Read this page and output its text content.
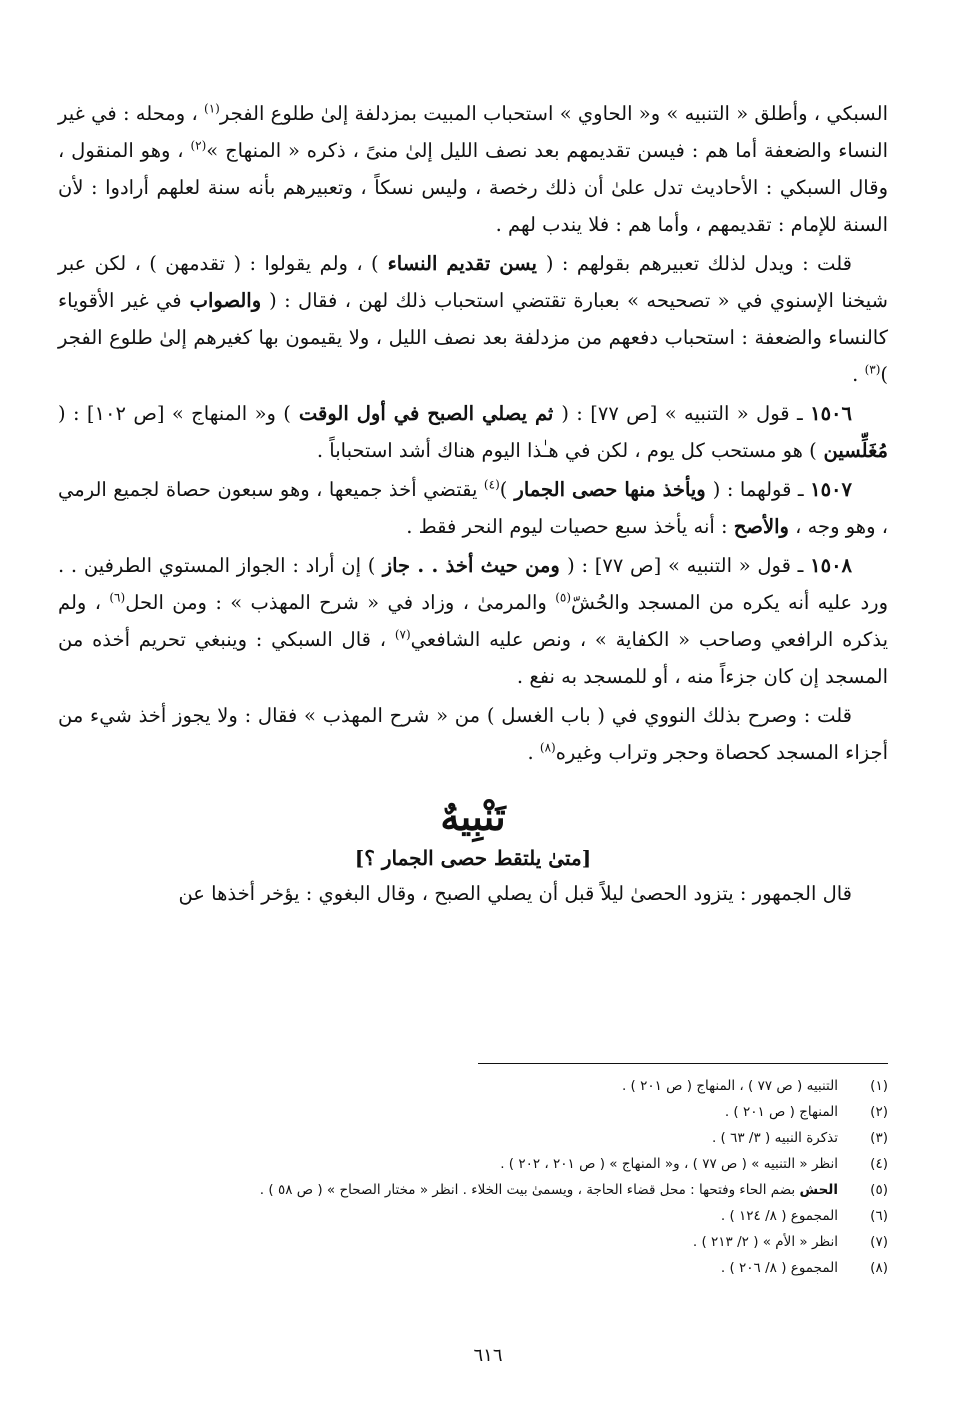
السبكي ، وأطلق « التنبيه » و« الحاوي » استحباب المبيت بمزدلفة إلىٰ طلوع الفجر$^{(١)}$ ، ومحله : في غير النساء والضعفة أما هم : فيسن تقديمهم بعد نصف الليل إلىٰ منىً ، ذكره « المنهاج »$^{(٢)}$ ، وهو المنقول ، وقال السبكي : الأحاديث تدل علىٰ أن ذلك رخصة ، وليس نسكاً ، وتعبيرهم بأنه سنة لعلهم أرادوا : لأن السنة للإمام : تقديمهم ، وأما هم : فلا يندب لهم .

قلت : ويدل لذلك تعبيرهم بقولهم : ( يسن تقديم النساء ) ، ولم يقولوا : ( تقدمهن ) ، لكن عبر شيخنا الإسنوي في « تصحيحه » بعبارة تقتضي استحباب ذلك لهن ، فقال : ( والصواب في غير الأقوياء كالنساء والضعفة : استحباب دفعهم من مزدلفة بعد نصف الليل ، ولا يقيمون بها كغيرهم إلىٰ طلوع الفجر )$^{(٣)}$ .

١٥٠٦ ـ قول « التنبيه » [ص ٧٧] : ( ثم يصلي الصبح في أول الوقت ) و« المنهاج » [ص ١٠٢] : ( مُغَلِّسين ) هو مستحب كل يوم ، لكن في هـٰذا اليوم هناك أشد استحباباً .

١٥٠٧ ـ قولهما : ( ويأخذ منها حصى الجمار )$^{(٤)}$ يقتضي أخذ جميعها ، وهو سبعون حصاة لجميع الرمي ، وهو وجه ، والأصح : أنه يأخذ سبع حصيات ليوم النحر فقط .

١٥٠٨ ـ قول « التنبيه » [ص ٧٧] : ( ومن حيث أخذ . . جاز ) إن أراد : الجواز المستوي الطرفين . . ورد عليه أنه يكره من المسجد والحُشّ$^{(٥)}$ والمرمىٰ ، وزاد في « شرح المهذب » : ومن الحل$^{(٦)}$ ، ولم يذكره الرافعي وصاحب « الكفاية » ، ونص عليه الشافعي$^{(٧)}$ ، قال السبكي : وينبغي تحريم أخذه من المسجد إن كان جزءاً منه ، أو للمسجد به نفع .

قلت : وصرح بذلك النووي في ( باب الغسل ) من « شرح المهذب » فقال : ولا يجوز أخذ شيء من أجزاء المسجد كحصاة وحجر وتراب وغيره$^{(٨)}$ .

تَنْبِيهٌ
[متىٰ يلتقط حصى الجمار ؟]

قال الجمهور : يتزود الحصىٰ ليلاً قبل أن يصلي الصبح ، وقال البغوي : يؤخر أخذها عن

(١)
التنبيه ( ص ٧٧ ) ، المنهاج ( ص ٢٠١ ) .
(٢)
المنهاج ( ص ٢٠١ ) .
(٣)
تذكرة النبيه ( ٣/ ٦٣ ) .
(٤)
انظر « التنبيه » ( ص ٧٧ ) ، و« المنهاج » ( ص ٢٠١ ، ٢٠٢ ) .
(٥)
الحش بضم الحاء وفتحها : محل قضاء الحاجة ، ويسمىٰ بيت الخلاء . انظر « مختار الصحاح » ( ص ٥٨ ) .
(٦)
المجموع ( ٨/ ١٢٤ ) .
(٧)
انظر « الأم » ( ٢/ ٢١٣ ) .
(٨)
المجموع ( ٨/ ٢٠٦ ) .
٦١٦
